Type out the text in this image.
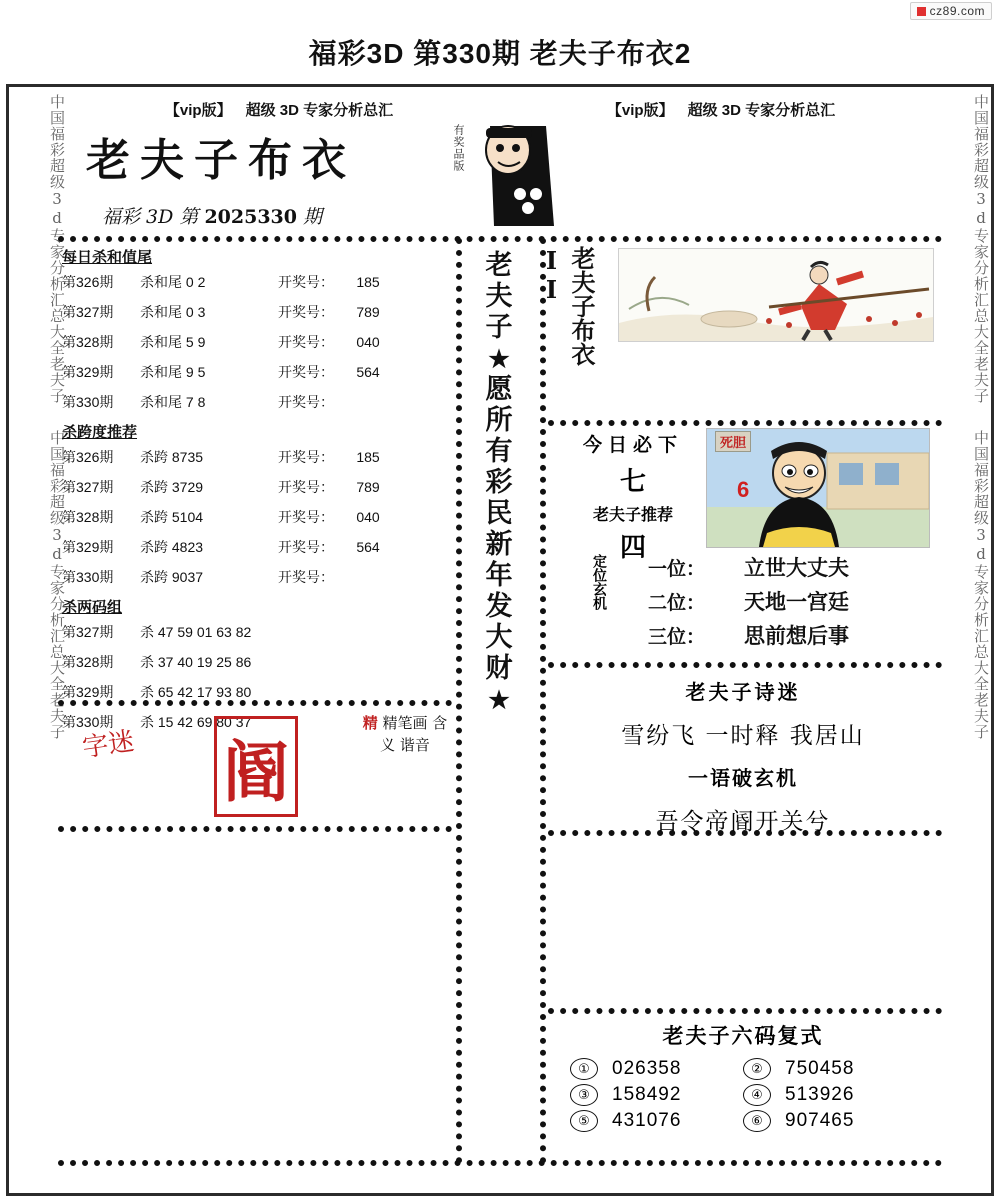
cz89.com
福彩3D 第330期 老夫子布衣2
中国福彩超级3d专家分析汇总大全老夫子 中国福彩超级3d专家分析汇总大全老夫子
中国福彩超级3d专家分析汇总大全老夫子 中国福彩超级3d专家分析汇总大全老夫子
【vip版】 超级 3D 专家分析总汇	【vip版】 超级 3D 专家分析总汇
老夫子布衣
福彩 3D 第 2025330 期
有奖品版
每日杀和值尾
第326期	杀和尾 0 2	开奖号：	185
第327期	杀和尾 0 3	开奖号：	789
第328期	杀和尾 5 9	开奖号：	040
第329期	杀和尾 9 5	开奖号：	564
第330期	杀和尾 7 8	开奖号：
杀跨度推荐
第326期	杀跨 8735	开奖号：	185
第327期	杀跨 3729	开奖号：	789
第328期	杀跨 5104	开奖号：	040
第329期	杀跨 4823	开奖号：	564
第330期	杀跨 9037	开奖号：
杀两码组
第327期	杀 47 59 01 63 82
第328期	杀 37 40 19 25 86
第329期	杀 65 42 17 93 80
第330期	杀 15 42 69 80 37
老
夫
子
★
愿
所
有
彩
民
新
年
发
大
财
★
老夫子布衣II
今日必下
七
老夫子推荐
四
死胆
6
定位玄机	一位：	立世大丈夫
二位：	天地一宫廷
三位：	思前想后事
老夫子诗迷
雪纷飞 一时释 我居山
一语破玄机
吾令帝阍开关兮
字迷 阍
精 精笔画 含义 谐音
老夫子六码复式
①	026358	②	750458
③	158492	④	513926
⑤	431076	⑥	907465
